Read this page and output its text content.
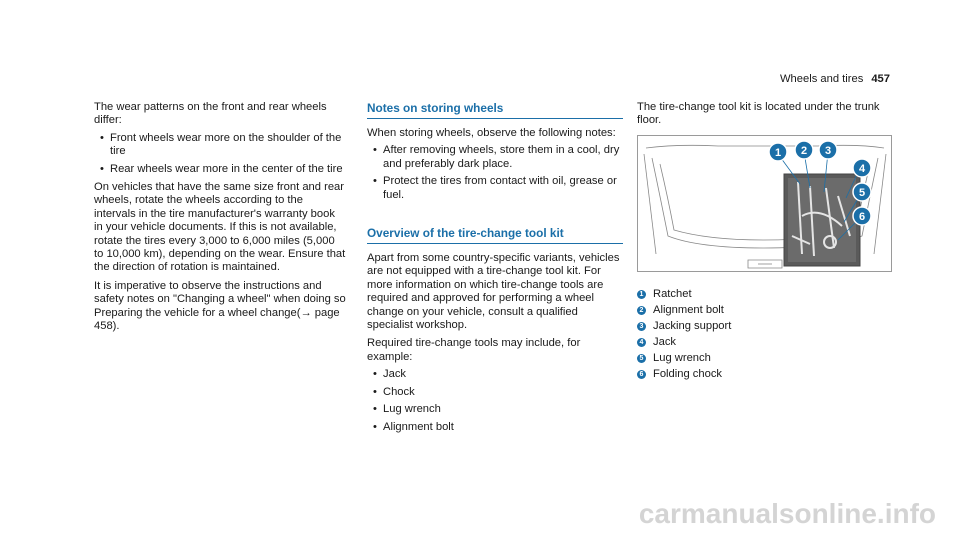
Wheels and tires 457

The wear patterns on the front and rear wheels differ:

• Front wheels wear more on the shoulder of the tire

• Rear wheels wear more in the center of the tire

On vehicles that have the same size front and rear wheels, rotate the wheels according to the intervals in the tire manufacturer's warranty book in your vehicle documents. If this is not available, rotate the tires every 3,000 to 6,000 miles (5,000 to 10,000 km), depending on the wear. Ensure that the direction of rotation is maintained.

It is imperative to observe the instructions and safety notes on "Changing a wheel" when doing so Preparing the vehicle for a wheel change(→ page 458).

Notes on storing wheels

When storing wheels, observe the following notes:

• After removing wheels, store them in a cool, dry and preferably dark place.

• Protect the tires from contact with oil, grease or fuel.

Overview of the tire-change tool kit

Apart from some country-specific variants, vehicles are not equipped with a tire-change tool kit. For more information on which tire-change tools are required and approved for performing a wheel change on your vehicle, consult a qualified specialist workshop.

Required tire-change tools may include, for example:

• Jack

• Chock

• Lug wrench

• Alignment bolt

The tire-change tool kit is located under the trunk floor.

1 2 3
4
5
6
1 Ratchet
2 Alignment bolt
3 Jacking support
4 Jack
5 Lug wrench
6 Folding chock
carmanualsonline.info
